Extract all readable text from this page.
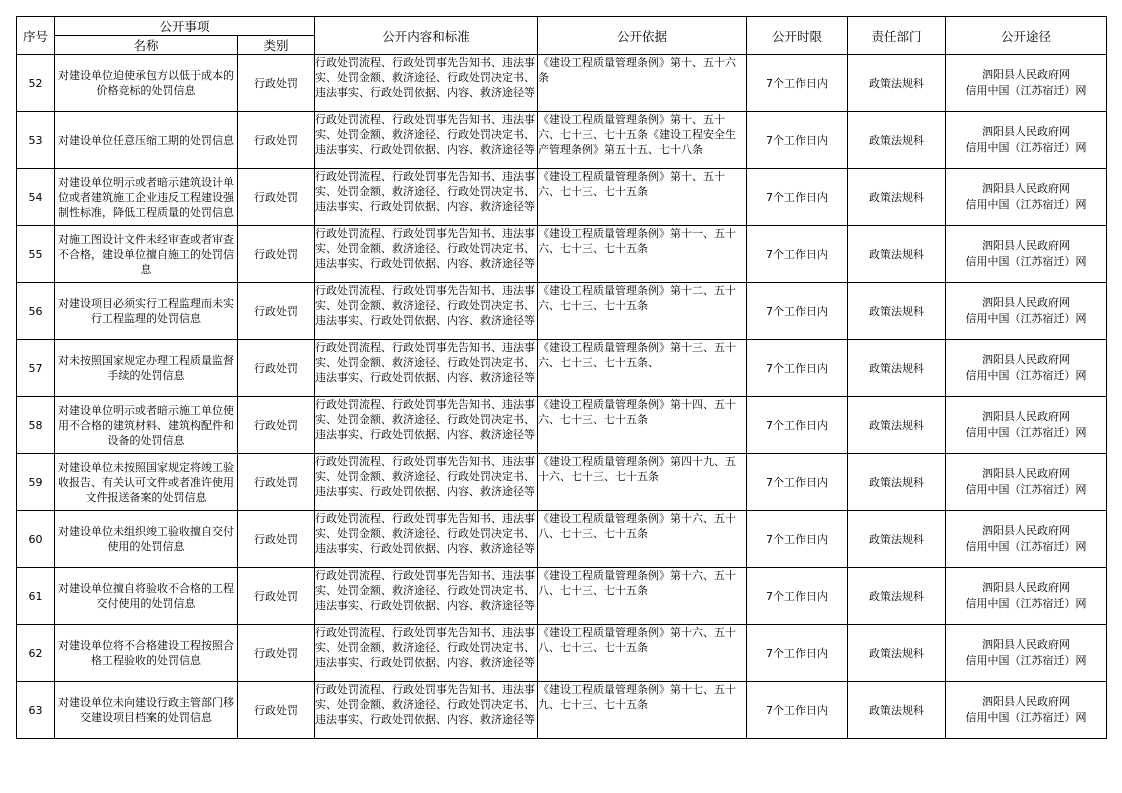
序号	公开事项		公开内容和标准	公开依据	公开时限	责任部门	公开途径
	名称	类别					
52	对建设单位迫使承包方以低于成本的价格竞标的处罚信息	行政处罚	行政处罚流程、行政处罚事先告知书、违法事实、处罚金额、救济途径、行政处罚决定书、违法事实、行政处罚依据、内容、救济途径等	《建设工程质量管理条例》第十、五十六条	7个工作日内	政策法规科	泗阳县人民政府网
信用中国（江苏宿迁）网

53	对建设单位任意压缩工期的处罚信息	行政处罚	行政处罚流程、行政处罚事先告知书、违法事实、处罚金额、救济途径、行政处罚决定书、违法事实、行政处罚依据、内容、救济途径等	《建设工程质量管理条例》第十、五十六、七十三、七十五条《建设工程安全生产管理条例》第五十五、七十八条	7个工作日内	政策法规科	泗阳县人民政府网
信用中国（江苏宿迁）网

54	对建设单位明示或者暗示建筑设计单位或者建筑施工企业违反工程建设强制性标准，降低工程质量的处罚信息	行政处罚	行政处罚流程、行政处罚事先告知书、违法事实、处罚金额、救济途径、行政处罚决定书、违法事实、行政处罚依据、内容、救济途径等	《建设工程质量管理条例》第十、五十六、七十三、七十五条	7个工作日内	政策法规科	泗阳县人民政府网
信用中国（江苏宿迁）网

55	对施工图设计文件未经审查或者审查不合格，建设单位擅自施工的处罚信息	行政处罚	行政处罚流程、行政处罚事先告知书、违法事实、处罚金额、救济途径、行政处罚决定书、违法事实、行政处罚依据、内容、救济途径等	《建设工程质量管理条例》第十一、五十六、七十三、七十五条	7个工作日内	政策法规科	泗阳县人民政府网
信用中国（江苏宿迁）网

56	对建设项目必须实行工程监理而未实行工程监理的处罚信息	行政处罚	行政处罚流程、行政处罚事先告知书、违法事实、处罚金额、救济途径、行政处罚决定书、违法事实、行政处罚依据、内容、救济途径等	《建设工程质量管理条例》第十二、五十六、七十三、七十五条	7个工作日内	政策法规科	泗阳县人民政府网
信用中国（江苏宿迁）网

57	对未按照国家规定办理工程质量监督手续的处罚信息	行政处罚	行政处罚流程、行政处罚事先告知书、违法事实、处罚金额、救济途径、行政处罚决定书、违法事实、行政处罚依据、内容、救济途径等	《建设工程质量管理条例》第十三、五十六、七十三、七十五条、	7个工作日内	政策法规科	泗阳县人民政府网
信用中国（江苏宿迁）网

58	对建设单位明示或者暗示施工单位使用不合格的建筑材料、建筑构配件和设备的处罚信息	行政处罚	行政处罚流程、行政处罚事先告知书、违法事实、处罚金额、救济途径、行政处罚决定书、违法事实、行政处罚依据、内容、救济途径等	《建设工程质量管理条例》第十四、五十六、七十三、七十五条	7个工作日内	政策法规科	泗阳县人民政府网
信用中国（江苏宿迁）网

59	对建设单位未按照国家规定将竣工验收报告、有关认可文件或者准许使用文件报送备案的处罚信息	行政处罚	行政处罚流程、行政处罚事先告知书、违法事实、处罚金额、救济途径、行政处罚决定书、违法事实、行政处罚依据、内容、救济途径等	《建设工程质量管理条例》第四十九、五十六、七十三、七十五条	7个工作日内	政策法规科	泗阳县人民政府网
信用中国（江苏宿迁）网

60	对建设单位未组织竣工验收擅自交付使用的处罚信息	行政处罚	行政处罚流程、行政处罚事先告知书、违法事实、处罚金额、救济途径、行政处罚决定书、违法事实、行政处罚依据、内容、救济途径等	《建设工程质量管理条例》第十六、五十八、七十三、七十五条	7个工作日内	政策法规科	泗阳县人民政府网
信用中国（江苏宿迁）网

61	对建设单位擅自将验收不合格的工程交付使用的处罚信息	行政处罚	行政处罚流程、行政处罚事先告知书、违法事实、处罚金额、救济途径、行政处罚决定书、违法事实、行政处罚依据、内容、救济途径等	《建设工程质量管理条例》第十六、五十八、七十三、七十五条	7个工作日内	政策法规科	泗阳县人民政府网
信用中国（江苏宿迁）网

62	对建设单位将不合格建设工程按照合格工程验收的处罚信息	行政处罚	行政处罚流程、行政处罚事先告知书、违法事实、处罚金额、救济途径、行政处罚决定书、违法事实、行政处罚依据、内容、救济途径等	《建设工程质量管理条例》第十六、五十八、七十三、七十五条	7个工作日内	政策法规科	泗阳县人民政府网
信用中国（江苏宿迁）网

63	对建设单位未向建设行政主管部门移交建设项目档案的处罚信息	行政处罚	行政处罚流程、行政处罚事先告知书、违法事实、处罚金额、救济途径、行政处罚决定书、违法事实、行政处罚依据、内容、救济途径等	《建设工程质量管理条例》第十七、五十九、七十三、七十五条	7个工作日内	政策法规科	泗阳县人民政府网
信用中国（江苏宿迁）网
